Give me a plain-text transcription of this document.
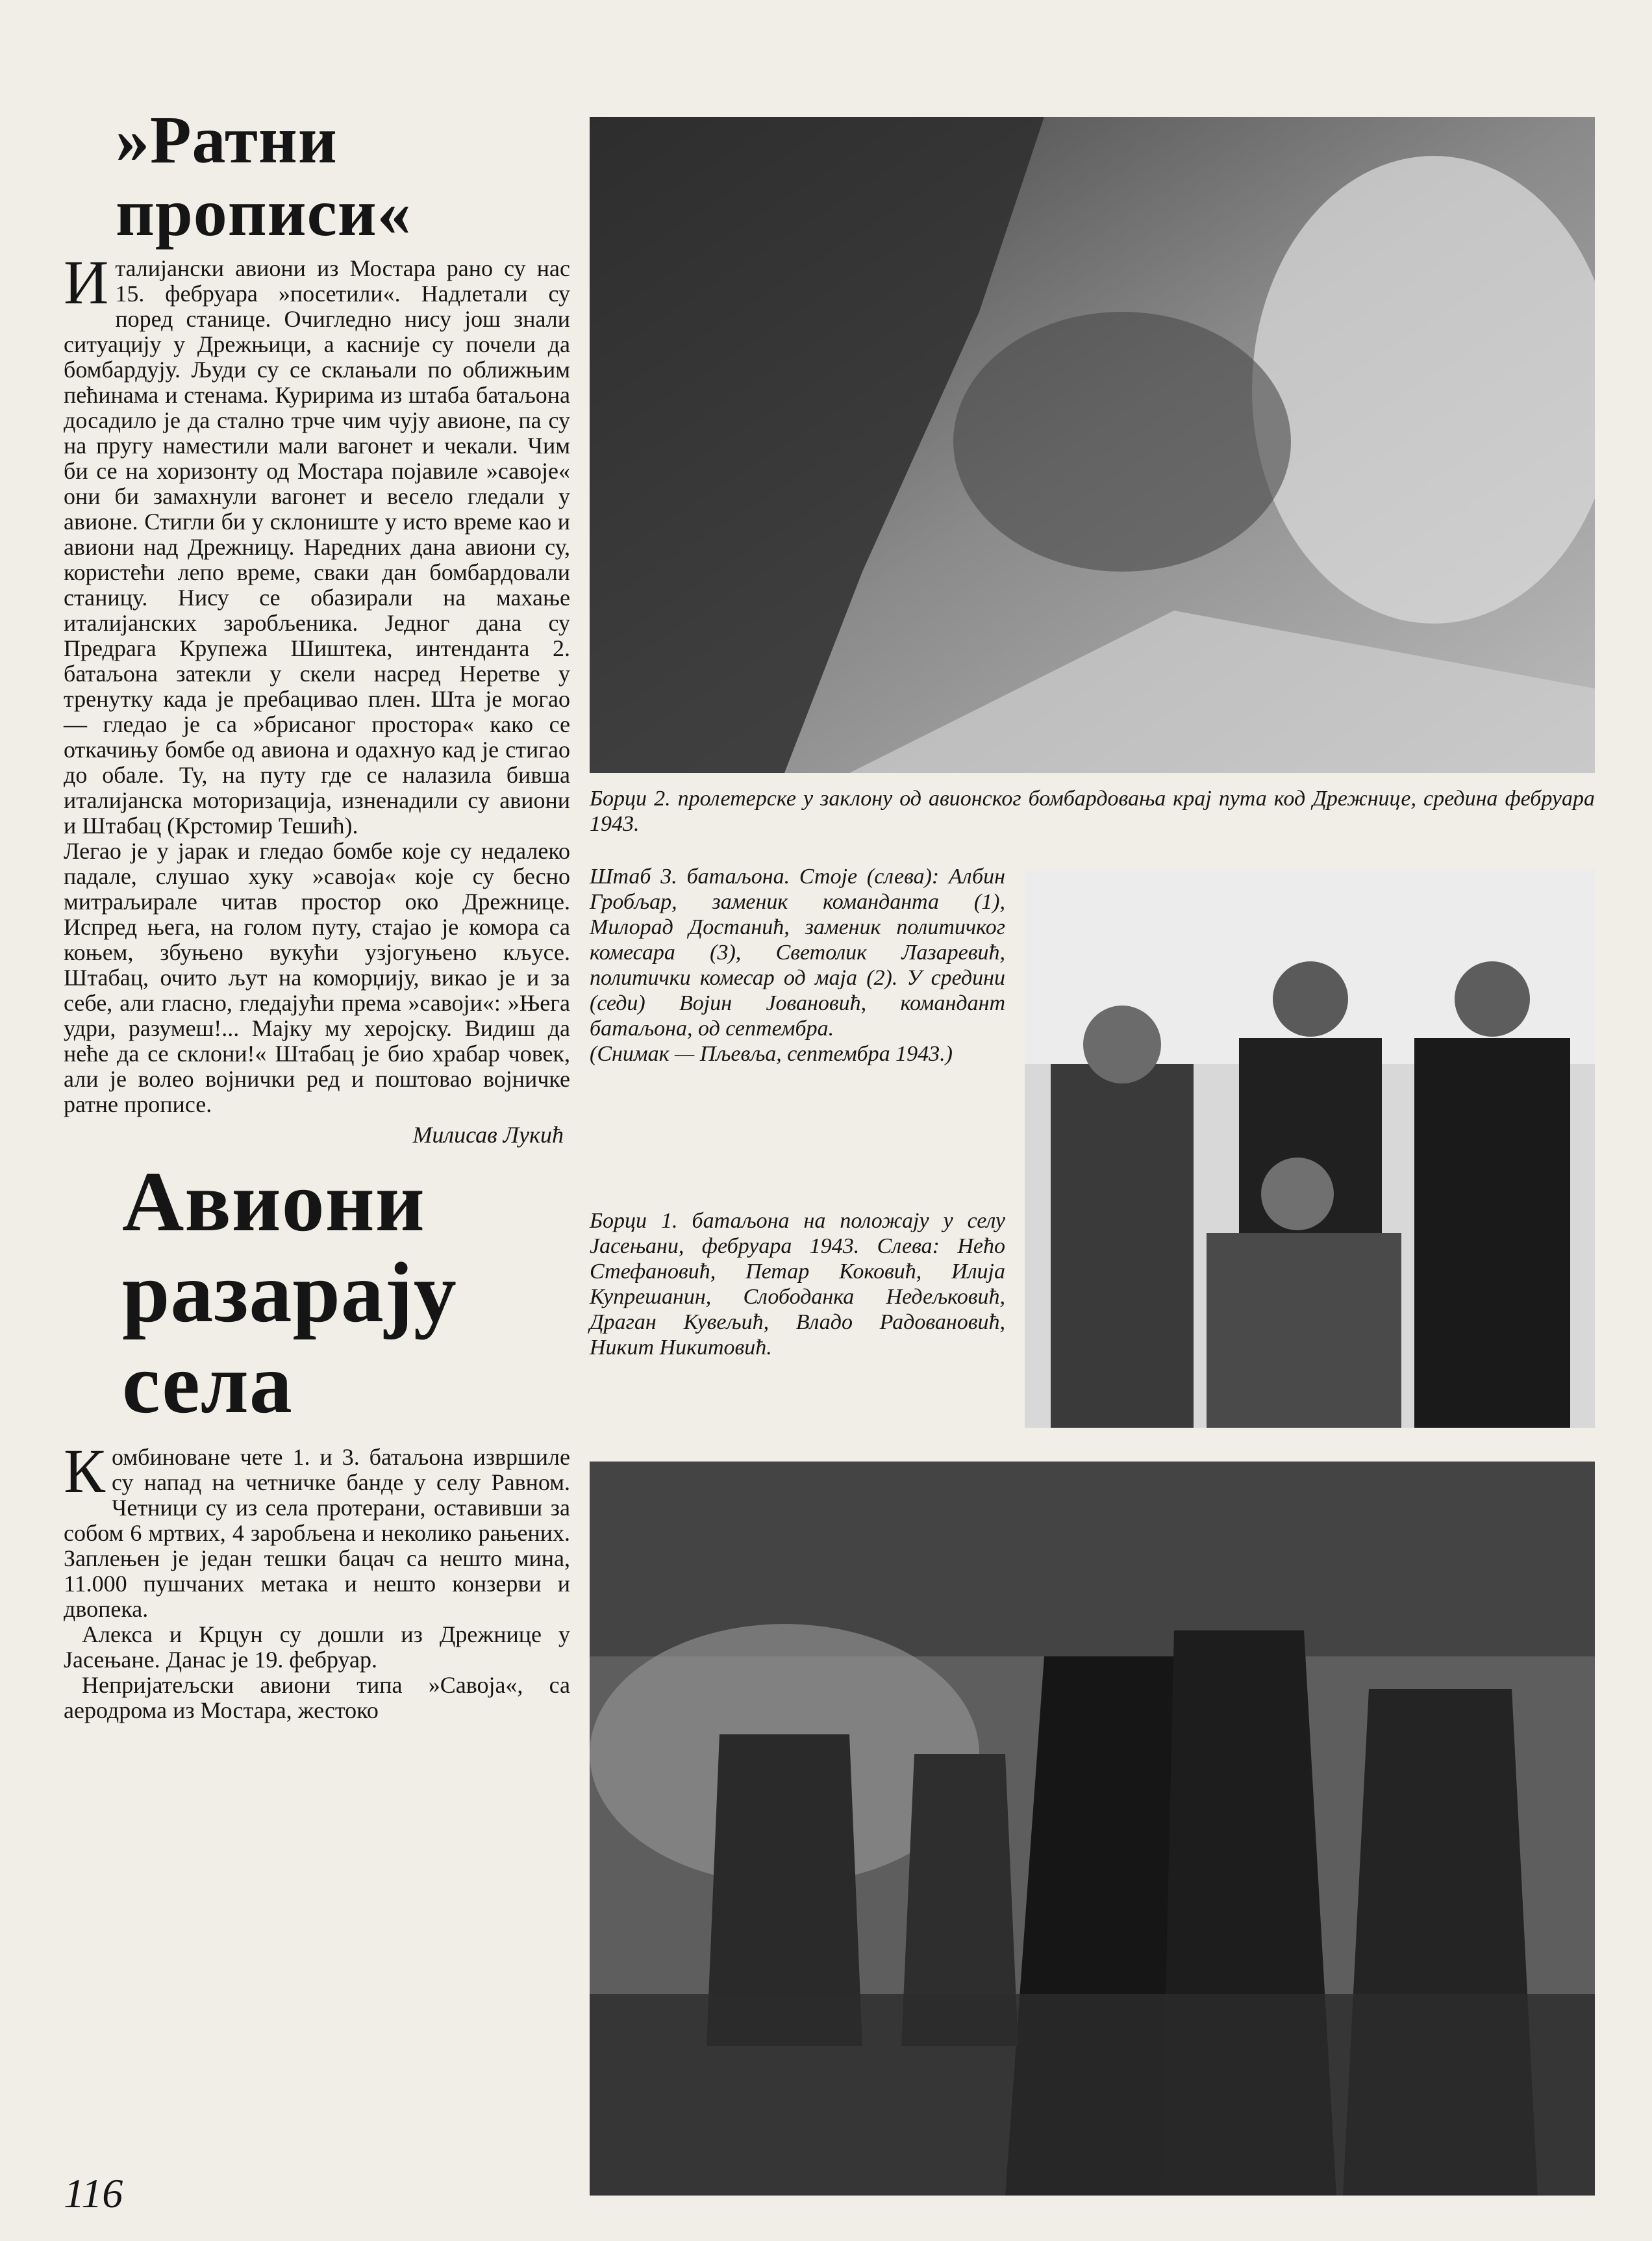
»Ратни прописи«

Италијански авиони из Мостара рано су нас 15. фебруара »посетили«. Надлетали су поред станице. Очигледно нису још знали ситуацију у Дрежњици, а касније су почели да бомбардују. Људи су се склањали по оближњим пећинама и стенама. Куририма из штаба батаљона досадило је да стално трче чим чују авионе, па су на пругу наместили мали вагонет и чекали. Чим би се на хоризонту од Мостара појавиле »савоје« они би замахнули вагонет и весело гледали у авионе. Стигли би у склониште у исто време као и авиони над Дрежницу. Наредних дана авиони су, користећи лепо време, сваки дан бомбардовали станицу. Нису се обазирали на махање италијанских заробљеника. Једног дана су Предрага Крупежа Шиштека, интенданта 2. батаљона затекли у скели насред Неретве у тренутку када је пребацивао плен. Шта је могао — гледао је са »брисаног простора« како се откачињу бомбе од авиона и одахнуо кад је стигао до обале. Ту, на путу где се налазила бивша италијанска моторизација, изненадили су авиони и Штабац (Крстомир Тешић).

Легао је у јарак и гледао бомбе које су недалеко падале, слушао хуку »савоја« које су бесно митраљирале читав простор око Дрежнице. Испред њега, на голом путу, стајао је комора са коњем, збуњено вукући узјогуњено кљусе. Штабац, очито љут на коморџију, викао је и за себе, али гласно, гледајући према »савоји«: »Њега удри, разумеш!... Мајку му херојску. Видиш да неће да се склони!« Штабац је био храбар човек, али је волео војнички ред и поштовао војничке ратне прописе.

Милисав Лукић
Авиони разарају села

Комбиноване чете 1. и 3. батаљона извршиле су напад на четничке банде у селу Равном. Четници су из села протерани, оставивши за собом 6 мртвих, 4 заробљена и неколико рањених. Заплењен је један тешки бацач са нешто мина, 11.000 пушчаних метака и нешто конзерви и двопека.

Алекса и Крцун су дошли из Дрежнице у Јасењане. Данас је 19. фебруар.

Непријатељски авиони типа »Савоја«, са аеродрома из Мостара, жестоко

116
Борци 2. пролетерске у заклону од авионског бомбардовања крај пута код Дрежнице, средина фебруара 1943.

Штаб 3. батаљона. Стоје (слева): Албин Гробљар, заменик команданта (1), Милорад Достанић, заменик политичког комесара (3), Светолик Лазаревић, политички комесар од маја (2). У средини (седи) Војин Јовановић, командант батаљона, од септембра.

(Снимак — Пљевља, септембра 1943.)

Борци 1. батаљона на положају у селу Јасењани, фебруара 1943. Слева: Нећо Стефановић, Петар Коковић, Илија Купрешанин, Слободанка Недељковић, Драган Кувељић, Владо Радовановић, Никит Никитовић.
